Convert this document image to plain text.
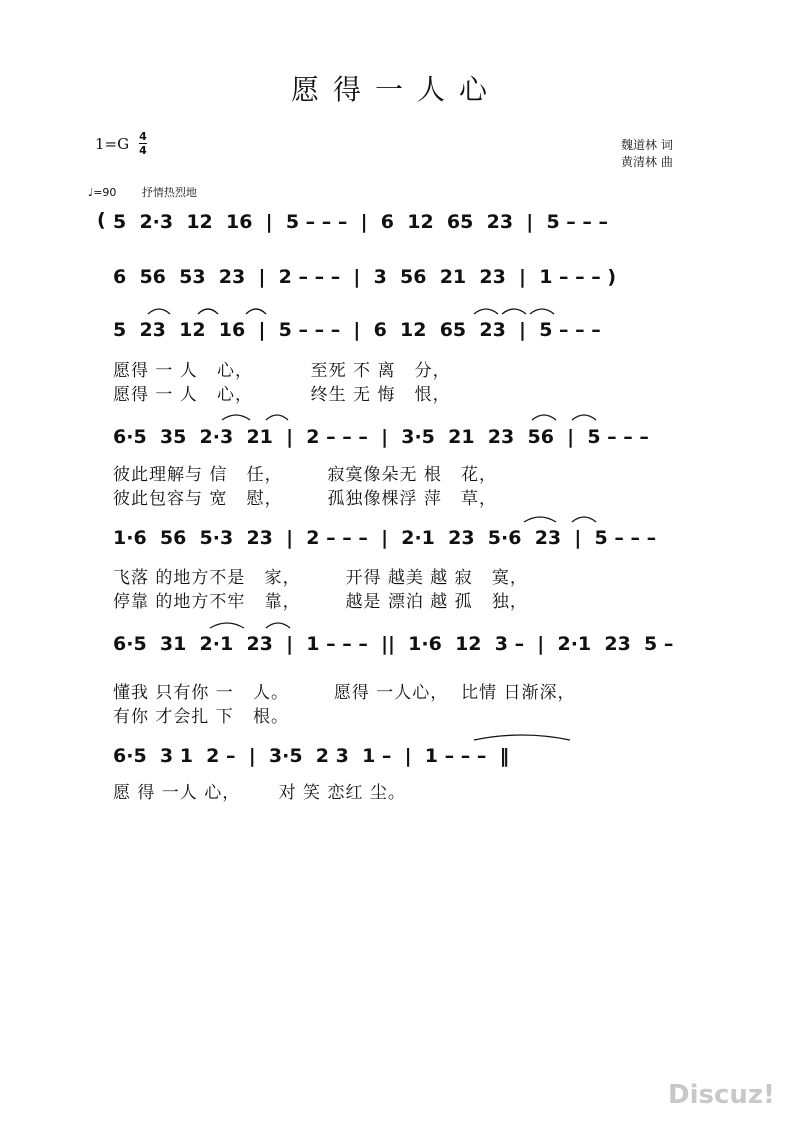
愿得一人心
1=G 4
4	魏道林 词
黄清林 曲
♩=90 抒情热烈地
( 5  2·3  12  16  |  5 – – –  |  6  12  65  23  |  5 – – –
6  56  53  23  |  2 – – –  |  3  56  21  23  |  1 – – – )
5  23  12  16  |  5 – – –  |  6  12  65  23  |  5 – – –
愿得 一 人   心，         至死 不 离   分，
愿得 一 人   心，         终生 无 悔   恨，
6·5  35  2·3  21  |  2 – – –  |  3·5  21  23  56  |  5 – – –
彼此理解与 信   任，       寂寞像朵无 根   花，
彼此包容与 宽   慰，       孤独像棵浮 萍   草，
1·6  56  5·3  23  |  2 – – –  |  2·1  23  5·6  23  |  5 – – –
飞落 的地方不是   家，       开得 越美 越 寂   寞，
停靠 的地方不牢   靠，       越是 漂泊 越 孤   独，
6·5  31  2·1  23  |  1 – – –  ||  1·6  12  3 –  |  2·1  23  5 –
懂我 只有你 一   人。       愿得 一人心，  比情 日渐深，
有你 才会扎 下   根。
6·5  3 1  2 –  |  3·5  2 3  1 –  |  1 – – –  ‖
愿 得 一人 心，      对 笑 恋红 尘。
Discuz!
